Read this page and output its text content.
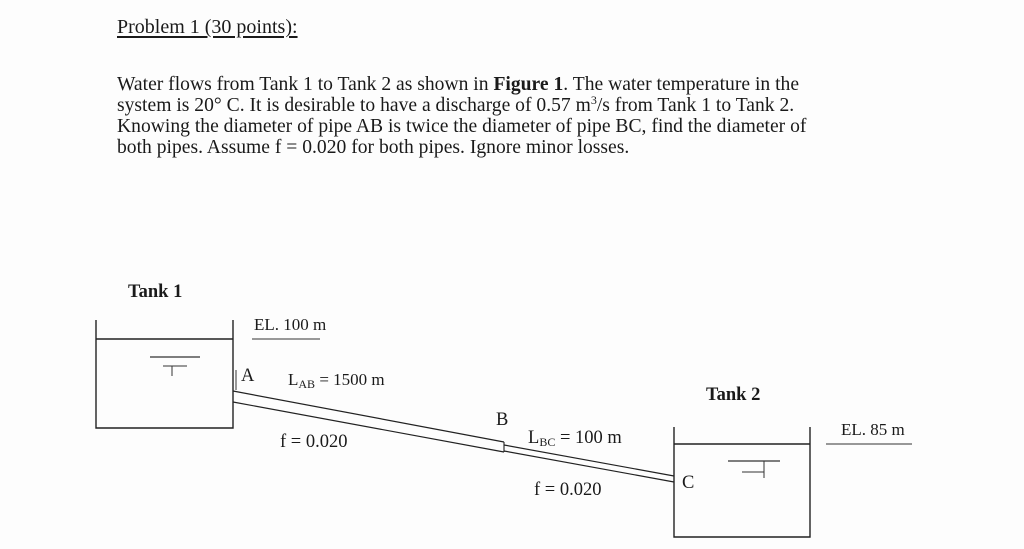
Problem 1 (30 points):
Water flows from Tank 1 to Tank 2 as shown in Figure 1. The water temperature in the
system is 20° C. It is desirable to have a discharge of 0.57 $m^3/s$ from Tank 1 to Tank 2.
Knowing the diameter of pipe AB is twice the diameter of pipe BC, find the diameter of
both pipes. Assume f = 0.020 for both pipes. Ignore minor losses.
Tank 1
EL. 100 m
A $L_{AB} = 1500$ m
f = 0.020
B
$L_{BC} = 100$ m
f = 0.020	C
Tank 2
EL. 85 m
